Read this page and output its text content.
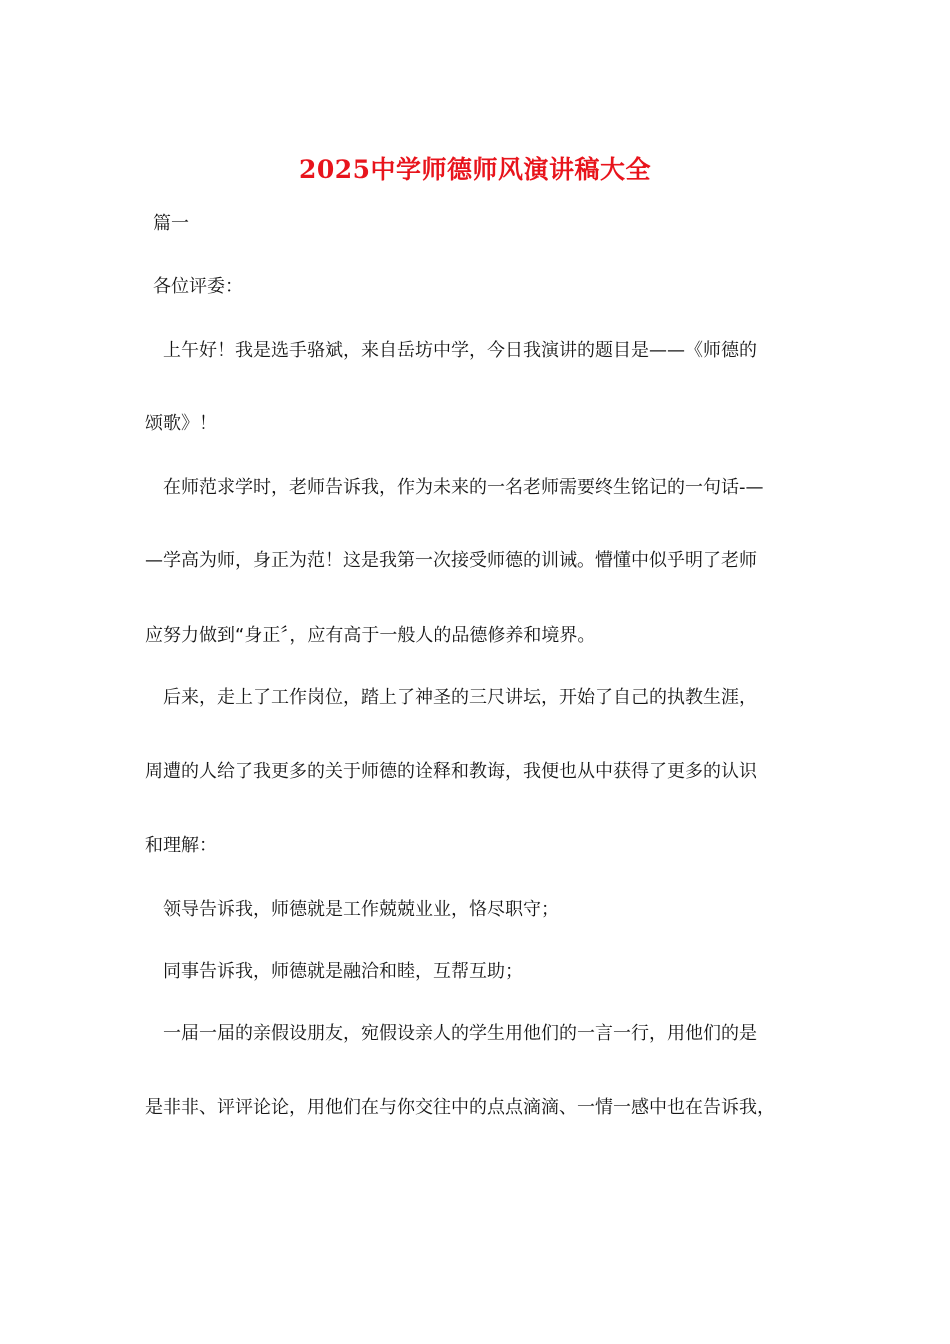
2025中学师德师风演讲稿大全
篇一
各位评委：
上午好！我是选手骆斌，来自岳坊中学，今日我演讲的题目是——《师德的
颂歌》！
在师范求学时，老师告诉我，作为未来的一名老师需要终生铭记的一句话-—
—学高为师，身正为范！这是我第一次接受师德的训诫。懵懂中似乎明了老师
应努力做到“身正〞，应有高于一般人的品德修养和境界。
后来，走上了工作岗位，踏上了神圣的三尺讲坛，开始了自己的执教生涯，
周遭的人给了我更多的关于师德的诠释和教诲，我便也从中获得了更多的认识
和理解：
领导告诉我，师德就是工作兢兢业业，恪尽职守；
同事告诉我，师德就是融洽和睦，互帮互助；
一届一届的亲假设朋友，宛假设亲人的学生用他们的一言一行，用他们的是
是非非、评评论论，用他们在与你交往中的点点滴滴、一情一感中也在告诉我，
